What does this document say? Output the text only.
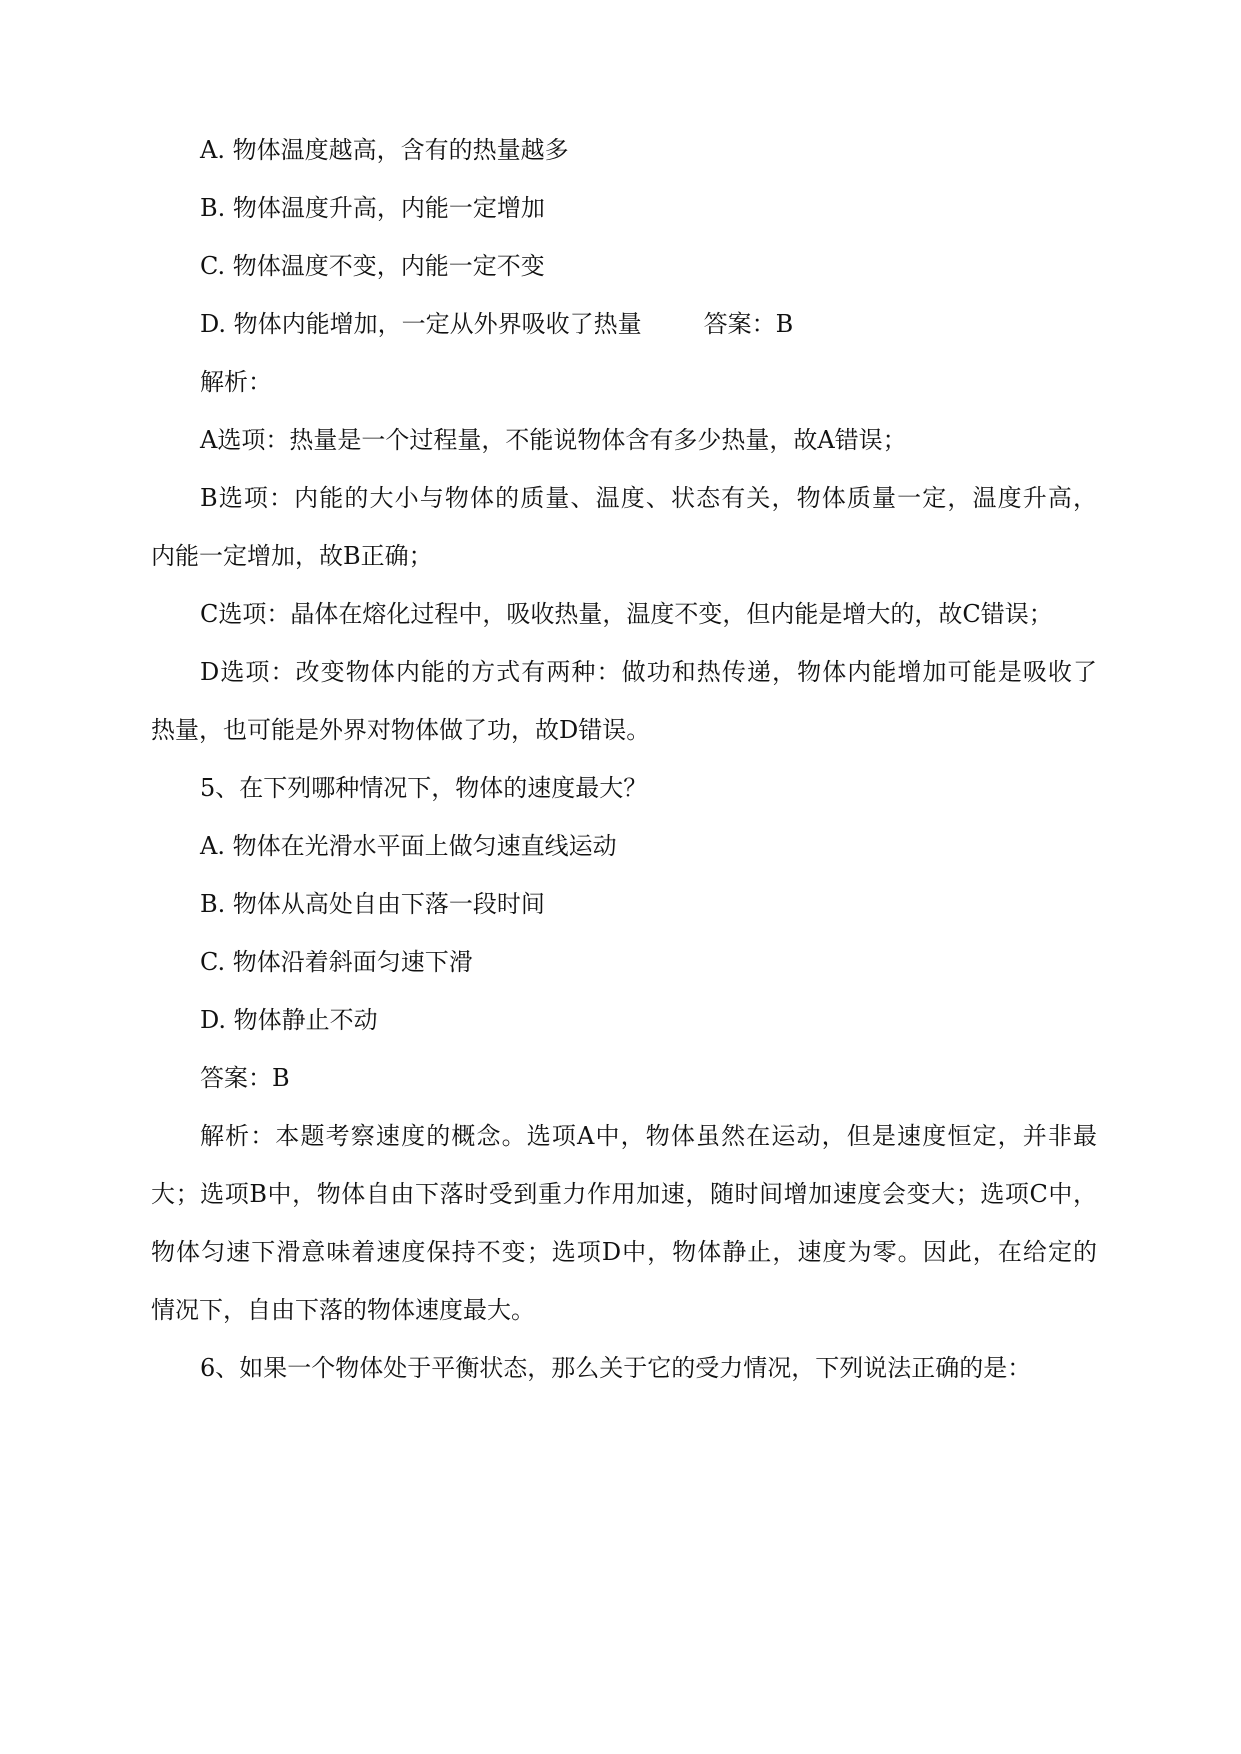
A. 物体温度越高，含有的热量越多
B. 物体温度升高，内能一定增加
C. 物体温度不变，内能一定不变
D. 物体内能增加，一定从外界吸收了热量	答案：B
解析：
A选项：热量是一个过程量，不能说物体含有多少热量，故A错误；
B选项：内能的大小与物体的质量、温度、状态有关，物体质量一定，温度升高，
内能一定增加，故B正确；
C选项：晶体在熔化过程中，吸收热量，温度不变，但内能是增大的，故C错误；
D选项：改变物体内能的方式有两种：做功和热传递，物体内能增加可能是吸收了
热量，也可能是外界对物体做了功，故D错误。
5、在下列哪种情况下，物体的速度最大？
A. 物体在光滑水平面上做匀速直线运动
B. 物体从高处自由下落一段时间
C. 物体沿着斜面匀速下滑
D. 物体静止不动
答案：B
解析：本题考察速度的概念。选项A中，物体虽然在运动，但是速度恒定，并非最
大；选项B中，物体自由下落时受到重力作用加速，随时间增加速度会变大；选项C中，
物体匀速下滑意味着速度保持不变；选项D中，物体静止，速度为零。因此，在给定的
情况下，自由下落的物体速度最大。
6、如果一个物体处于平衡状态，那么关于它的受力情况，下列说法正确的是：
